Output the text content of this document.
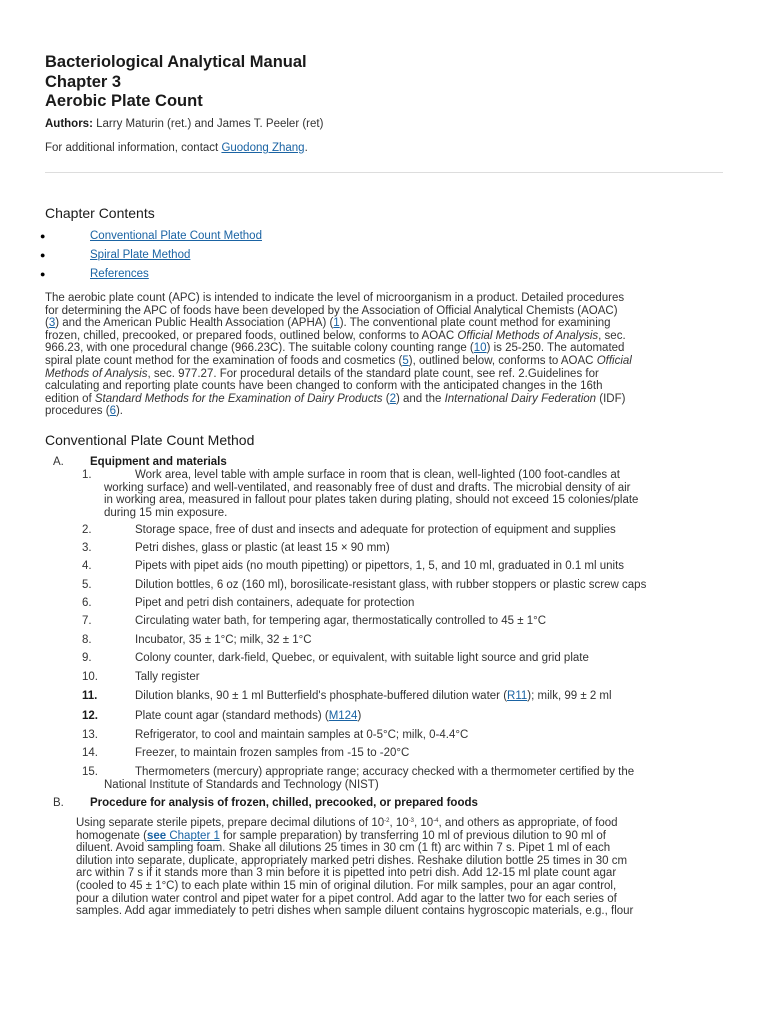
Bacteriological Analytical Manual
Chapter 3
Aerobic Plate Count
Authors: Larry Maturin (ret.) and James T. Peeler (ret)
For additional information, contact Guodong Zhang.
Chapter Contents
●	Conventional Plate Count Method
●	Spiral Plate Method
●	References
The aerobic plate count (APC) is intended to indicate the level of microorganism in a product. Detailed procedures
for determining the APC of foods have been developed by the Association of Official Analytical Chemists (AOAC)
(3) and the American Public Health Association (APHA) (1). The conventional plate count method for examining
frozen, chilled, precooked, or prepared foods, outlined below, conforms to AOAC Official Methods of Analysis, sec.
966.23, with one procedural change (966.23C). The suitable colony counting range (10) is 25-250. The automated
spiral plate count method for the examination of foods and cosmetics (5), outlined below, conforms to AOAC Official
Methods of Analysis, sec. 977.27. For procedural details of the standard plate count, see ref. 2.Guidelines for
calculating and reporting plate counts have been changed to conform with the anticipated changes in the 16th
edition of Standard Methods for the Examination of Dairy Products (2) and the International Dairy Federation (IDF)
procedures (6).
Conventional Plate Count Method
A. Equipment and materials
1.	Work area, level table with ample surface in room that is clean, well-lighted (100 foot-candles at
working surface) and well-ventilated, and reasonably free of dust and drafts. The microbial density of air
in working area, measured in fallout pour plates taken during plating, should not exceed 15 colonies/plate
during 15 min exposure.
2.	Storage space, free of dust and insects and adequate for protection of equipment and supplies
3.	Petri dishes, glass or plastic (at least 15 × 90 mm)
4.	Pipets with pipet aids (no mouth pipetting) or pipettors, 1, 5, and 10 ml, graduated in 0.1 ml units
5.	Dilution bottles, 6 oz (160 ml), borosilicate-resistant glass, with rubber stoppers or plastic screw caps
6.	Pipet and petri dish containers, adequate for protection
7.	Circulating water bath, for tempering agar, thermostatically controlled to 45 ± 1°C
8.	Incubator, 35 ± 1°C; milk, 32 ± 1°C
9.	Colony counter, dark-field, Quebec, or equivalent, with suitable light source and grid plate
10.	Tally register
11.	Dilution blanks, 90 ± 1 ml Butterfield's phosphate-buffered dilution water (R11); milk, 99 ± 2 ml
12.	Plate count agar (standard methods) (M124)
13.	Refrigerator, to cool and maintain samples at 0-5°C; milk, 0-4.4°C
14.	Freezer, to maintain frozen samples from -15 to -20°C
15.	Thermometers (mercury) appropriate range; accuracy checked with a thermometer certified by the
National Institute of Standards and Technology (NIST)
B. Procedure for analysis of frozen, chilled, precooked, or prepared foods
Using separate sterile pipets, prepare decimal dilutions of $10^{-2}$, $10^{-3}$, $10^{-4}$, and others as appropriate, of food
homogenate (see Chapter 1 for sample preparation) by transferring 10 ml of previous dilution to 90 ml of
diluent. Avoid sampling foam. Shake all dilutions 25 times in 30 cm (1 ft) arc within 7 s. Pipet 1 ml of each
dilution into separate, duplicate, appropriately marked petri dishes. Reshake dilution bottle 25 times in 30 cm
arc within 7 s if it stands more than 3 min before it is pipetted into petri dish. Add 12-15 ml plate count agar
(cooled to 45 ± 1°C) to each plate within 15 min of original dilution. For milk samples, pour an agar control,
pour a dilution water control and pipet water for a pipet control. Add agar to the latter two for each series of
samples. Add agar immediately to petri dishes when sample diluent contains hygroscopic materials, e.g., flour
